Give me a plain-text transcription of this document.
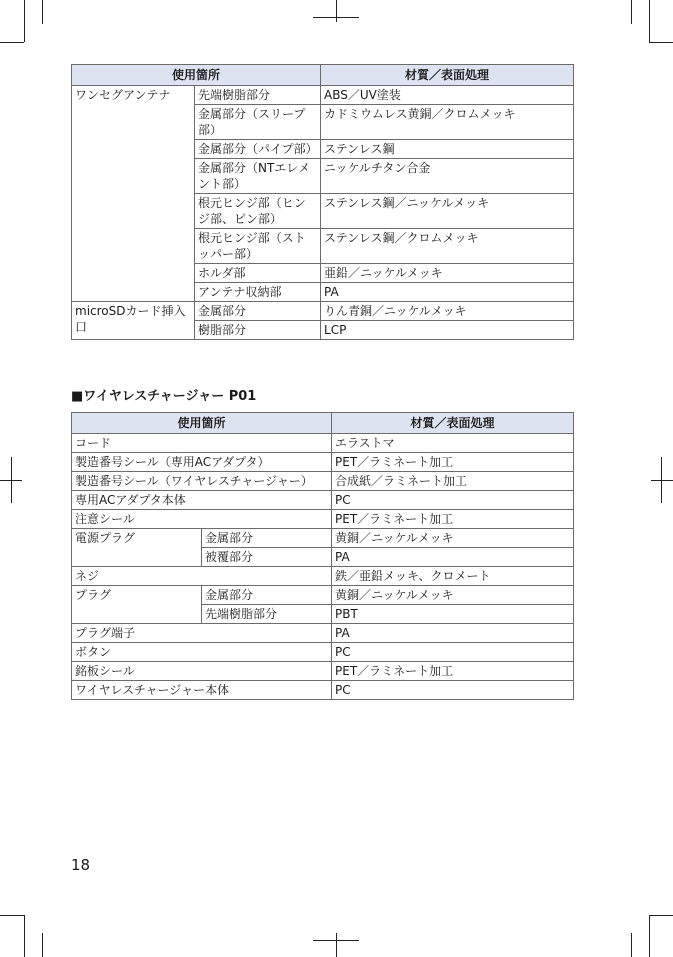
使用箇所		材質／表面処理
ワンセグアンテナ	先端樹脂部分	ABS／UV塗装
	金属部分（スリープ部）	カドミウムレス黄銅／クロムメッキ
	金属部分（パイプ部）	ステンレス鋼
	金属部分（NTエレメント部）	ニッケルチタン合金
	根元ヒンジ部（ヒンジ部、ピン部）	ステンレス鋼／ニッケルメッキ
	根元ヒンジ部（ストッパー部）	ステンレス鋼／クロムメッキ
	ホルダ部	亜鉛／ニッケルメッキ
	アンテナ収納部	PA
microSDカード挿入口	金属部分	りん青銅／ニッケルメッキ
	樹脂部分	LCP
■ワイヤレスチャージャー P01
使用箇所		材質／表面処理
コード		エラストマ
製造番号シール（専用ACアダプタ）		PET／ラミネート加工
製造番号シール（ワイヤレスチャージャー）		合成紙／ラミネート加工
専用ACアダプタ本体		PC
注意シール		PET／ラミネート加工
電源プラグ	金属部分	黄銅／ニッケルメッキ
	被覆部分	PA
ネジ		鉄／亜鉛メッキ、クロメート
プラグ	金属部分	黄銅／ニッケルメッキ
	先端樹脂部分	PBT
プラグ端子		PA
ボタン		PC
銘板シール		PET／ラミネート加工
ワイヤレスチャージャー本体		PC
18
